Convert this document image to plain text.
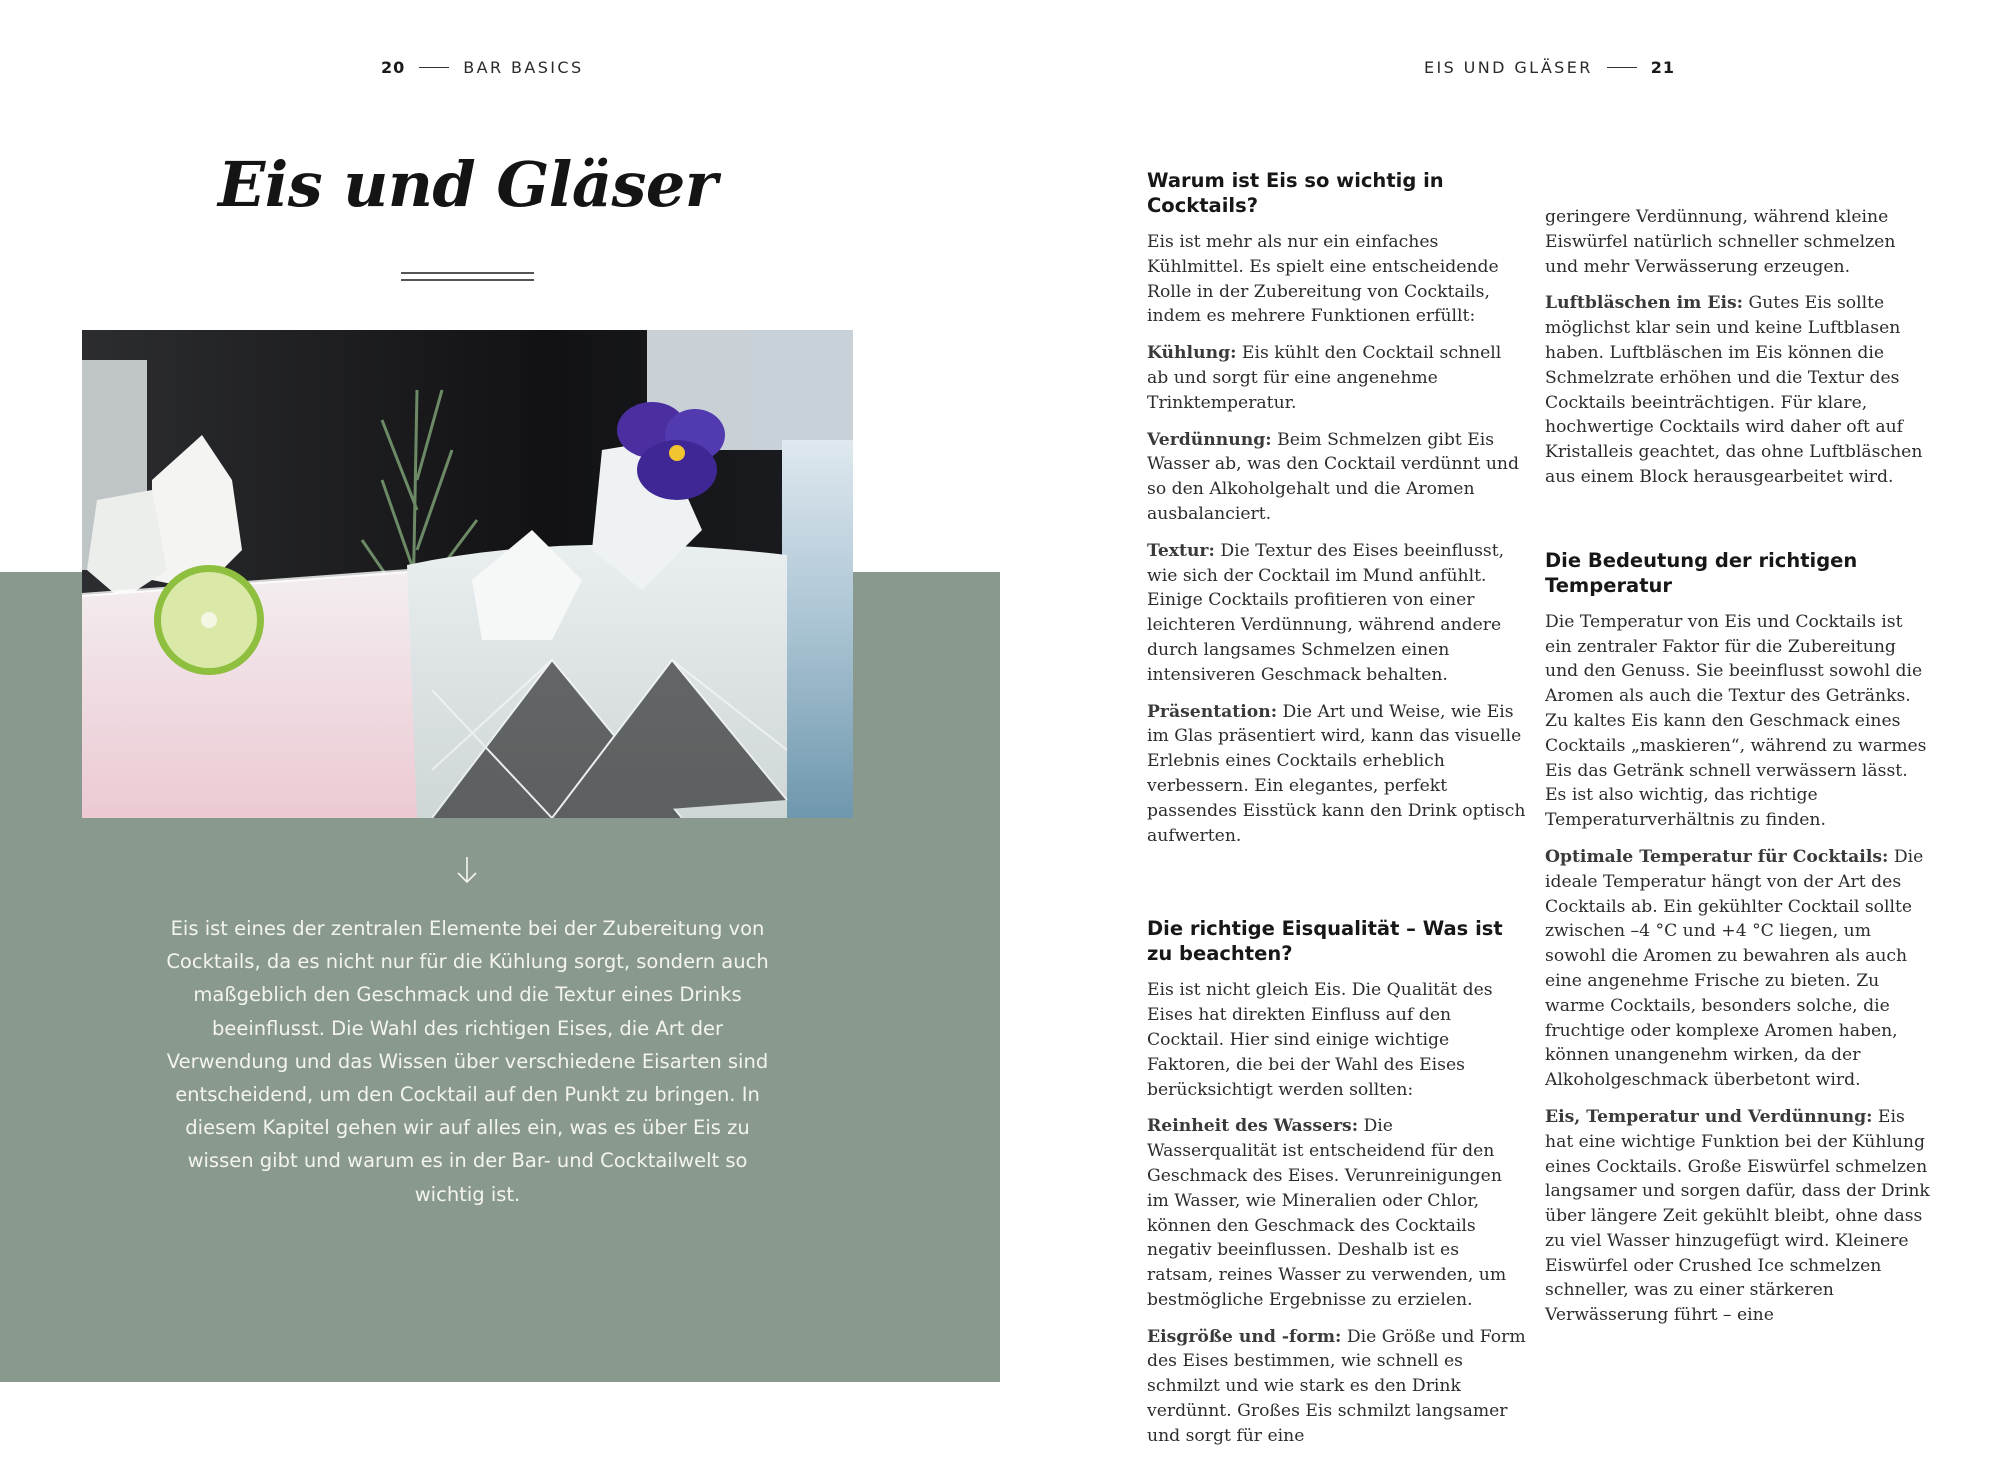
20	BAR BASICS
Eis und Gläser

Eis ist eines der zentralen Elemente bei der Zubereitung von Cocktails, da es nicht nur für die Kühlung sorgt, sondern auch maßgeblich den Geschmack und die Textur eines Drinks beeinflusst. Die Wahl des richtigen Eises, die Art der Verwendung und das Wissen über verschiedene Eisarten sind entscheidend, um den Cocktail auf den Punkt zu bringen. In diesem Kapitel gehen wir auf alles ein, was es über Eis zu wissen gibt und warum es in der Bar- und Cocktailwelt so wichtig ist.

EIS UND GLÄSER	21
Warum ist Eis so wichtig in Cocktails?

Eis ist mehr als nur ein einfaches Kühlmittel. Es spielt eine entscheidende Rolle in der Zubereitung von Cocktails, indem es mehrere Funktionen erfüllt:

Kühlung: Eis kühlt den Cocktail schnell ab und sorgt für eine angenehme Trinktemperatur.

Verdünnung: Beim Schmelzen gibt Eis Wasser ab, was den Cocktail verdünnt und so den Alkoholgehalt und die Aromen ausbalanciert.

Textur: Die Textur des Eises beeinflusst, wie sich der Cocktail im Mund anfühlt. Einige Cocktails profitieren von einer leichteren Verdünnung, während andere durch langsames Schmelzen einen intensiveren Geschmack behalten.

Präsentation: Die Art und Weise, wie Eis im Glas präsentiert wird, kann das visuelle Erlebnis eines Cocktails erheblich verbessern. Ein elegantes, perfekt passendes Eisstück kann den Drink optisch aufwerten.

Die richtige Eisqualität – Was ist zu beachten?

Eis ist nicht gleich Eis. Die Qualität des Eises hat direkten Einfluss auf den Cocktail. Hier sind einige wichtige Faktoren, die bei der Wahl des Eises berücksichtigt werden sollten:

Reinheit des Wassers: Die Wasserqualität ist entscheidend für den Geschmack des Eises. Verunreinigungen im Wasser, wie Mineralien oder Chlor, können den Geschmack des Cocktails negativ beeinflussen. Deshalb ist es ratsam, reines Wasser zu verwenden, um bestmögliche Ergebnisse zu erzielen.

Eisgröße und -form: Die Größe und Form des Eises bestimmen, wie schnell es schmilzt und wie stark es den Drink verdünnt. Großes Eis schmilzt langsamer und sorgt für eine

geringere Verdünnung, während kleine Eiswürfel natürlich schneller schmelzen und mehr Verwässerung erzeugen.

Luftbläschen im Eis: Gutes Eis sollte möglichst klar sein und keine Luftblasen haben. Luftbläschen im Eis können die Schmelzrate erhöhen und die Textur des Cocktails beeinträchtigen. Für klare, hochwertige Cocktails wird daher oft auf Kristalleis geachtet, das ohne Luftbläschen aus einem Block herausgearbeitet wird.

Die Bedeutung der richtigen Temperatur

Die Temperatur von Eis und Cocktails ist ein zentraler Faktor für die Zubereitung und den Genuss. Sie beeinflusst sowohl die Aromen als auch die Textur des Getränks. Zu kaltes Eis kann den Geschmack eines Cocktails „maskieren“, während zu warmes Eis das Getränk schnell verwässern lässt. Es ist also wichtig, das richtige Temperaturverhältnis zu finden.

Optimale Temperatur für Cocktails: Die ideale Temperatur hängt von der Art des Cocktails ab. Ein gekühlter Cocktail sollte zwischen –4 °C und +4 °C liegen, um sowohl die Aromen zu bewahren als auch eine angenehme Frische zu bieten. Zu warme Cocktails, besonders solche, die fruchtige oder komplexe Aromen haben, können unangenehm wirken, da der Alkoholgeschmack überbetont wird.

Eis, Temperatur und Verdünnung: Eis hat eine wichtige Funktion bei der Kühlung eines Cocktails. Große Eiswürfel schmelzen langsamer und sorgen dafür, dass der Drink über längere Zeit gekühlt bleibt, ohne dass zu viel Wasser hinzugefügt wird. Kleinere Eiswürfel oder Crushed Ice schmelzen schneller, was zu einer stärkeren Verwässerung führt – eine
